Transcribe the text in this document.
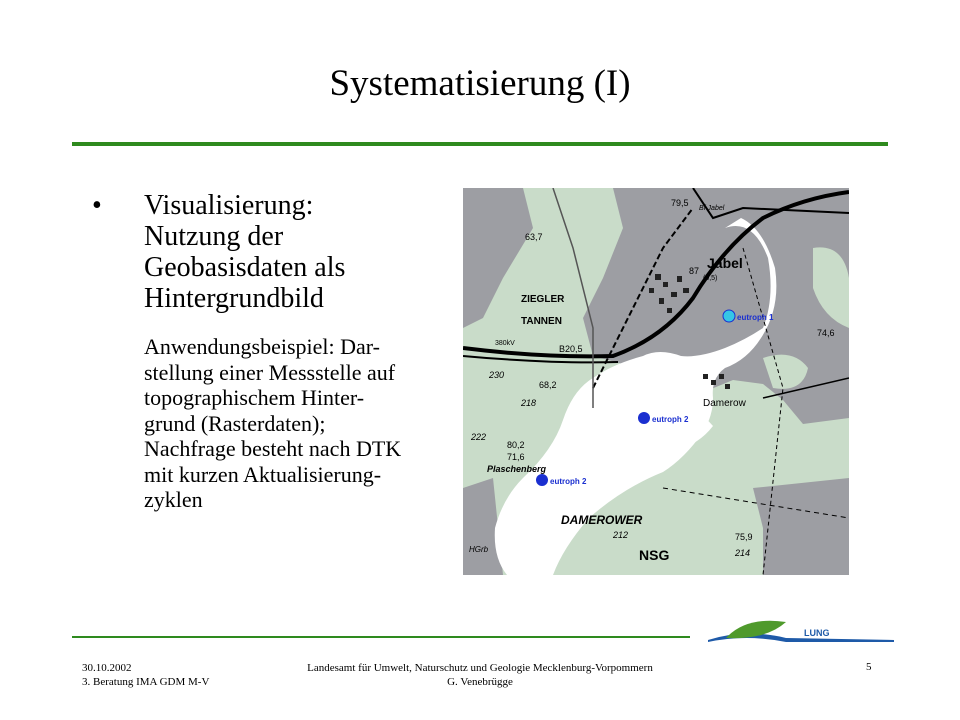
Systematisierung (I)
• Visualisierung:
Nutzung der
Geobasisdaten als
Hintergrundbild
Anwendungsbeispiel: Dar-
stellung einer Messstelle auf
topographischem Hinter-
grund (Rasterdaten);
Nachfrage besteht nach DTK
mit kurzen Aktualisierung-
zyklen
Jabel
ZIEGLER
TANNEN
Damerow
DAMEROWER
NSG
Plaschenberg
380kV
Bf Jabel
HGrb
79,5
63,7
87
(0,5)
74,6
68,2
80,2
71,6
75,9
B20,5
230
218
222
212
214
eutroph 1
eutroph 2
eutroph 2
LUNG
30.10.2002
3. Beratung IMA GDM M-V
Landesamt für Umwelt, Naturschutz und Geologie Mecklenburg-Vorpommern
G. Venebrügge
5
